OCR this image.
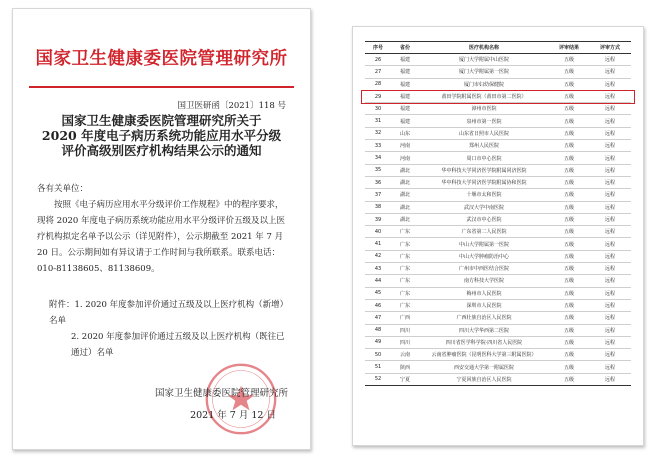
国家卫生健康委医院管理研究所
国卫医研函〔2021〕118 号
国家卫生健康委医院管理研究所关于
2020 年度电子病历系统功能应用水平分级
评价高级别医疗机构结果公示的通知
各有关单位：
按照《电子病历应用水平分级评价工作规程》中的程序要求，现将 2020 年度电子病历系统功能应用水平分级评价五级及以上医疗机构拟定名单予以公示（详见附件），公示期截至 2021 年 7 月 20 日。公示期间如有异议请于工作时间与我所联系。联系电话：010-81138605、81138609。
附件：1. 2020 年度参加评价通过五级及以上医疗机构（新增）名单
2. 2020 年度参加评价通过五级及以上医疗机构（既往已通过）名单
国家卫生健康委医院管理研究所
2021 年 7 月 12 日
序号	省份	医疗机构名称	评审结果	评审方式
26	福建	厦门大学附属中山医院	五级	远程
27	福建	厦门大学附属第一医院	五级	远程
28	福建	厦门市妇幼保健院	五级	远程
29	福建	莆田学院附属医院（莆田市第二医院）	五级	远程
30	福建	漳州市医院	五级	远程
31	福建	泉州市第一医院	五级	远程
32	山东	山东省日照市人民医院	五级	远程
33	河南	郑州人民医院	五级	远程
34	河南	周口市中心医院	五级	远程
35	湖北	华中科技大学同济医学院附属同济医院	五级	远程
36	湖北	华中科技大学同济医学院附属协和医院	五级	远程
37	湖北	十堰市太和医院	五级	远程
38	湖北	武汉大学中南医院	五级	远程
39	湖北	武汉市中心医院	五级	远程
40	广东	广东省第二人民医院	五级	远程
41	广东	中山大学附属第一医院	五级	远程
42	广东	中山大学肿瘤防治中心	五级	远程
43	广东	广州市中西医结合医院	五级	远程
44	广东	南方科技大学医院	五级	远程
45	广东	梅州市人民医院	五级	远程
46	广东	深圳市人民医院	五级	远程
47	广西	广西壮族自治区人民医院	五级	远程
48	四川	四川大学华西第二医院	五级	远程
49	四川	四川省医学科学院·四川省人民医院	五级	远程
50	云南	云南省肿瘤医院（昆明医科大学第三附属医院）	五级	远程
51	陕西	西安交通大学第一附属医院	五级	远程
52	宁夏	宁夏回族自治区人民医院	五级	远程
